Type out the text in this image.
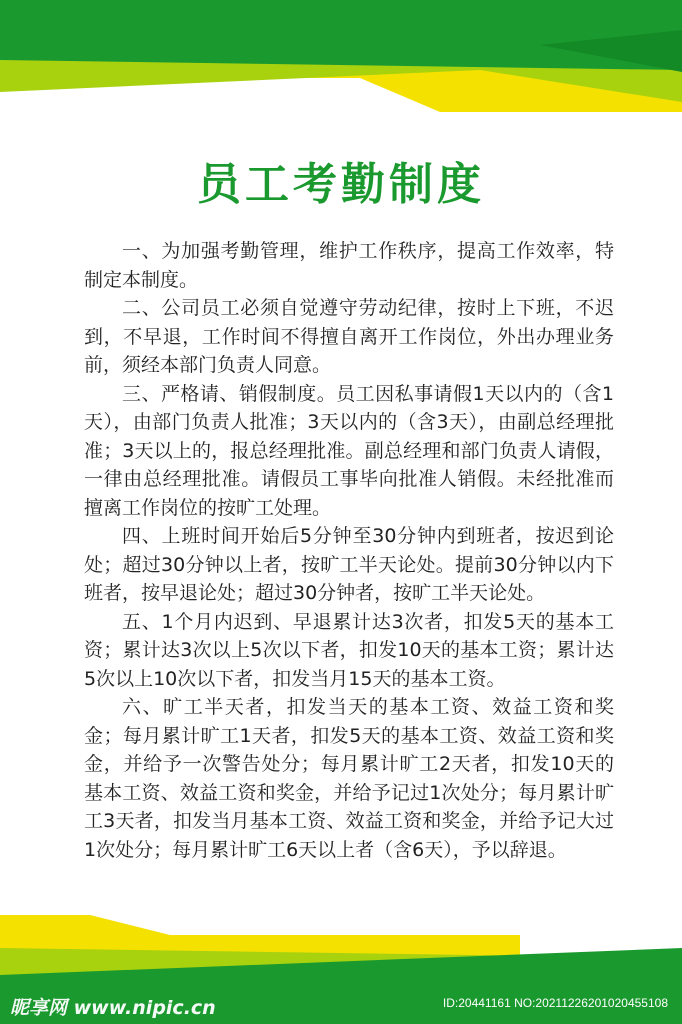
员工考勤制度

一、为加强考勤管理，维护工作秩序，提高工作效率，特制定本制度。

二、公司员工必须自觉遵守劳动纪律，按时上下班，不迟到，不早退，工作时间不得擅自离开工作岗位，外出办理业务前，须经本部门负责人同意。

三、严格请、销假制度。员工因私事请假1天以内的（含1天），由部门负责人批准；3天以内的（含3天），由副总经理批准；3天以上的，报总经理批准。副总经理和部门负责人请假，一律由总经理批准。请假员工事毕向批准人销假。未经批准而擅离工作岗位的按旷工处理。

四、上班时间开始后5分钟至30分钟内到班者，按迟到论处；超过30分钟以上者，按旷工半天论处。提前30分钟以内下班者，按早退论处；超过30分钟者，按旷工半天论处。

五、1个月内迟到、早退累计达3次者，扣发5天的基本工资；累计达3次以上5次以下者，扣发10天的基本工资；累计达5次以上10次以下者，扣发当月15天的基本工资。

六、旷工半天者，扣发当天的基本工资、效益工资和奖金；每月累计旷工1天者，扣发5天的基本工资、效益工资和奖金，并给予一次警告处分；每月累计旷工2天者，扣发10天的基本工资、效益工资和奖金，并给予记过1次处分；每月累计旷工3天者，扣发当月基本工资、效益工资和奖金，并给予记大过1次处分；每月累计旷工6天以上者（含6天），予以辞退。

昵享网 www.nipic.cn	ID:20441161 NO:20211226201020455108
